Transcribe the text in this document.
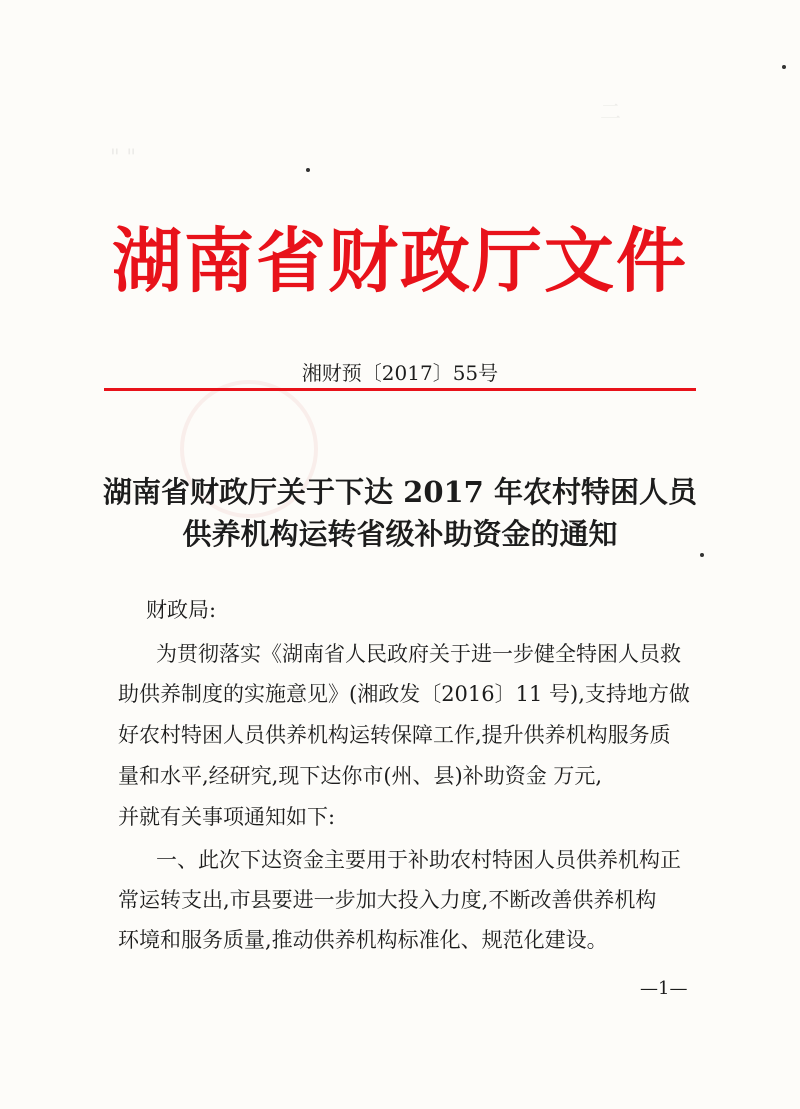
二
" "
湖南省财政厅文件
湘财预〔2017〕55号
湖南省财政厅关于下达 2017 年农村特困人员
供养机构运转省级补助资金的通知
财政局:
为贯彻落实《湖南省人民政府关于进一步健全特困人员救
助供养制度的实施意见》(湘政发〔2016〕11 号),支持地方做
好农村特困人员供养机构运转保障工作,提升供养机构服务质
量和水平,经研究,现下达你市(州、县)补助资金 万元,
并就有关事项通知如下:
一、此次下达资金主要用于补助农村特困人员供养机构正
常运转支出,市县要进一步加大投入力度,不断改善供养机构
环境和服务质量,推动供养机构标准化、规范化建设。
—1—
